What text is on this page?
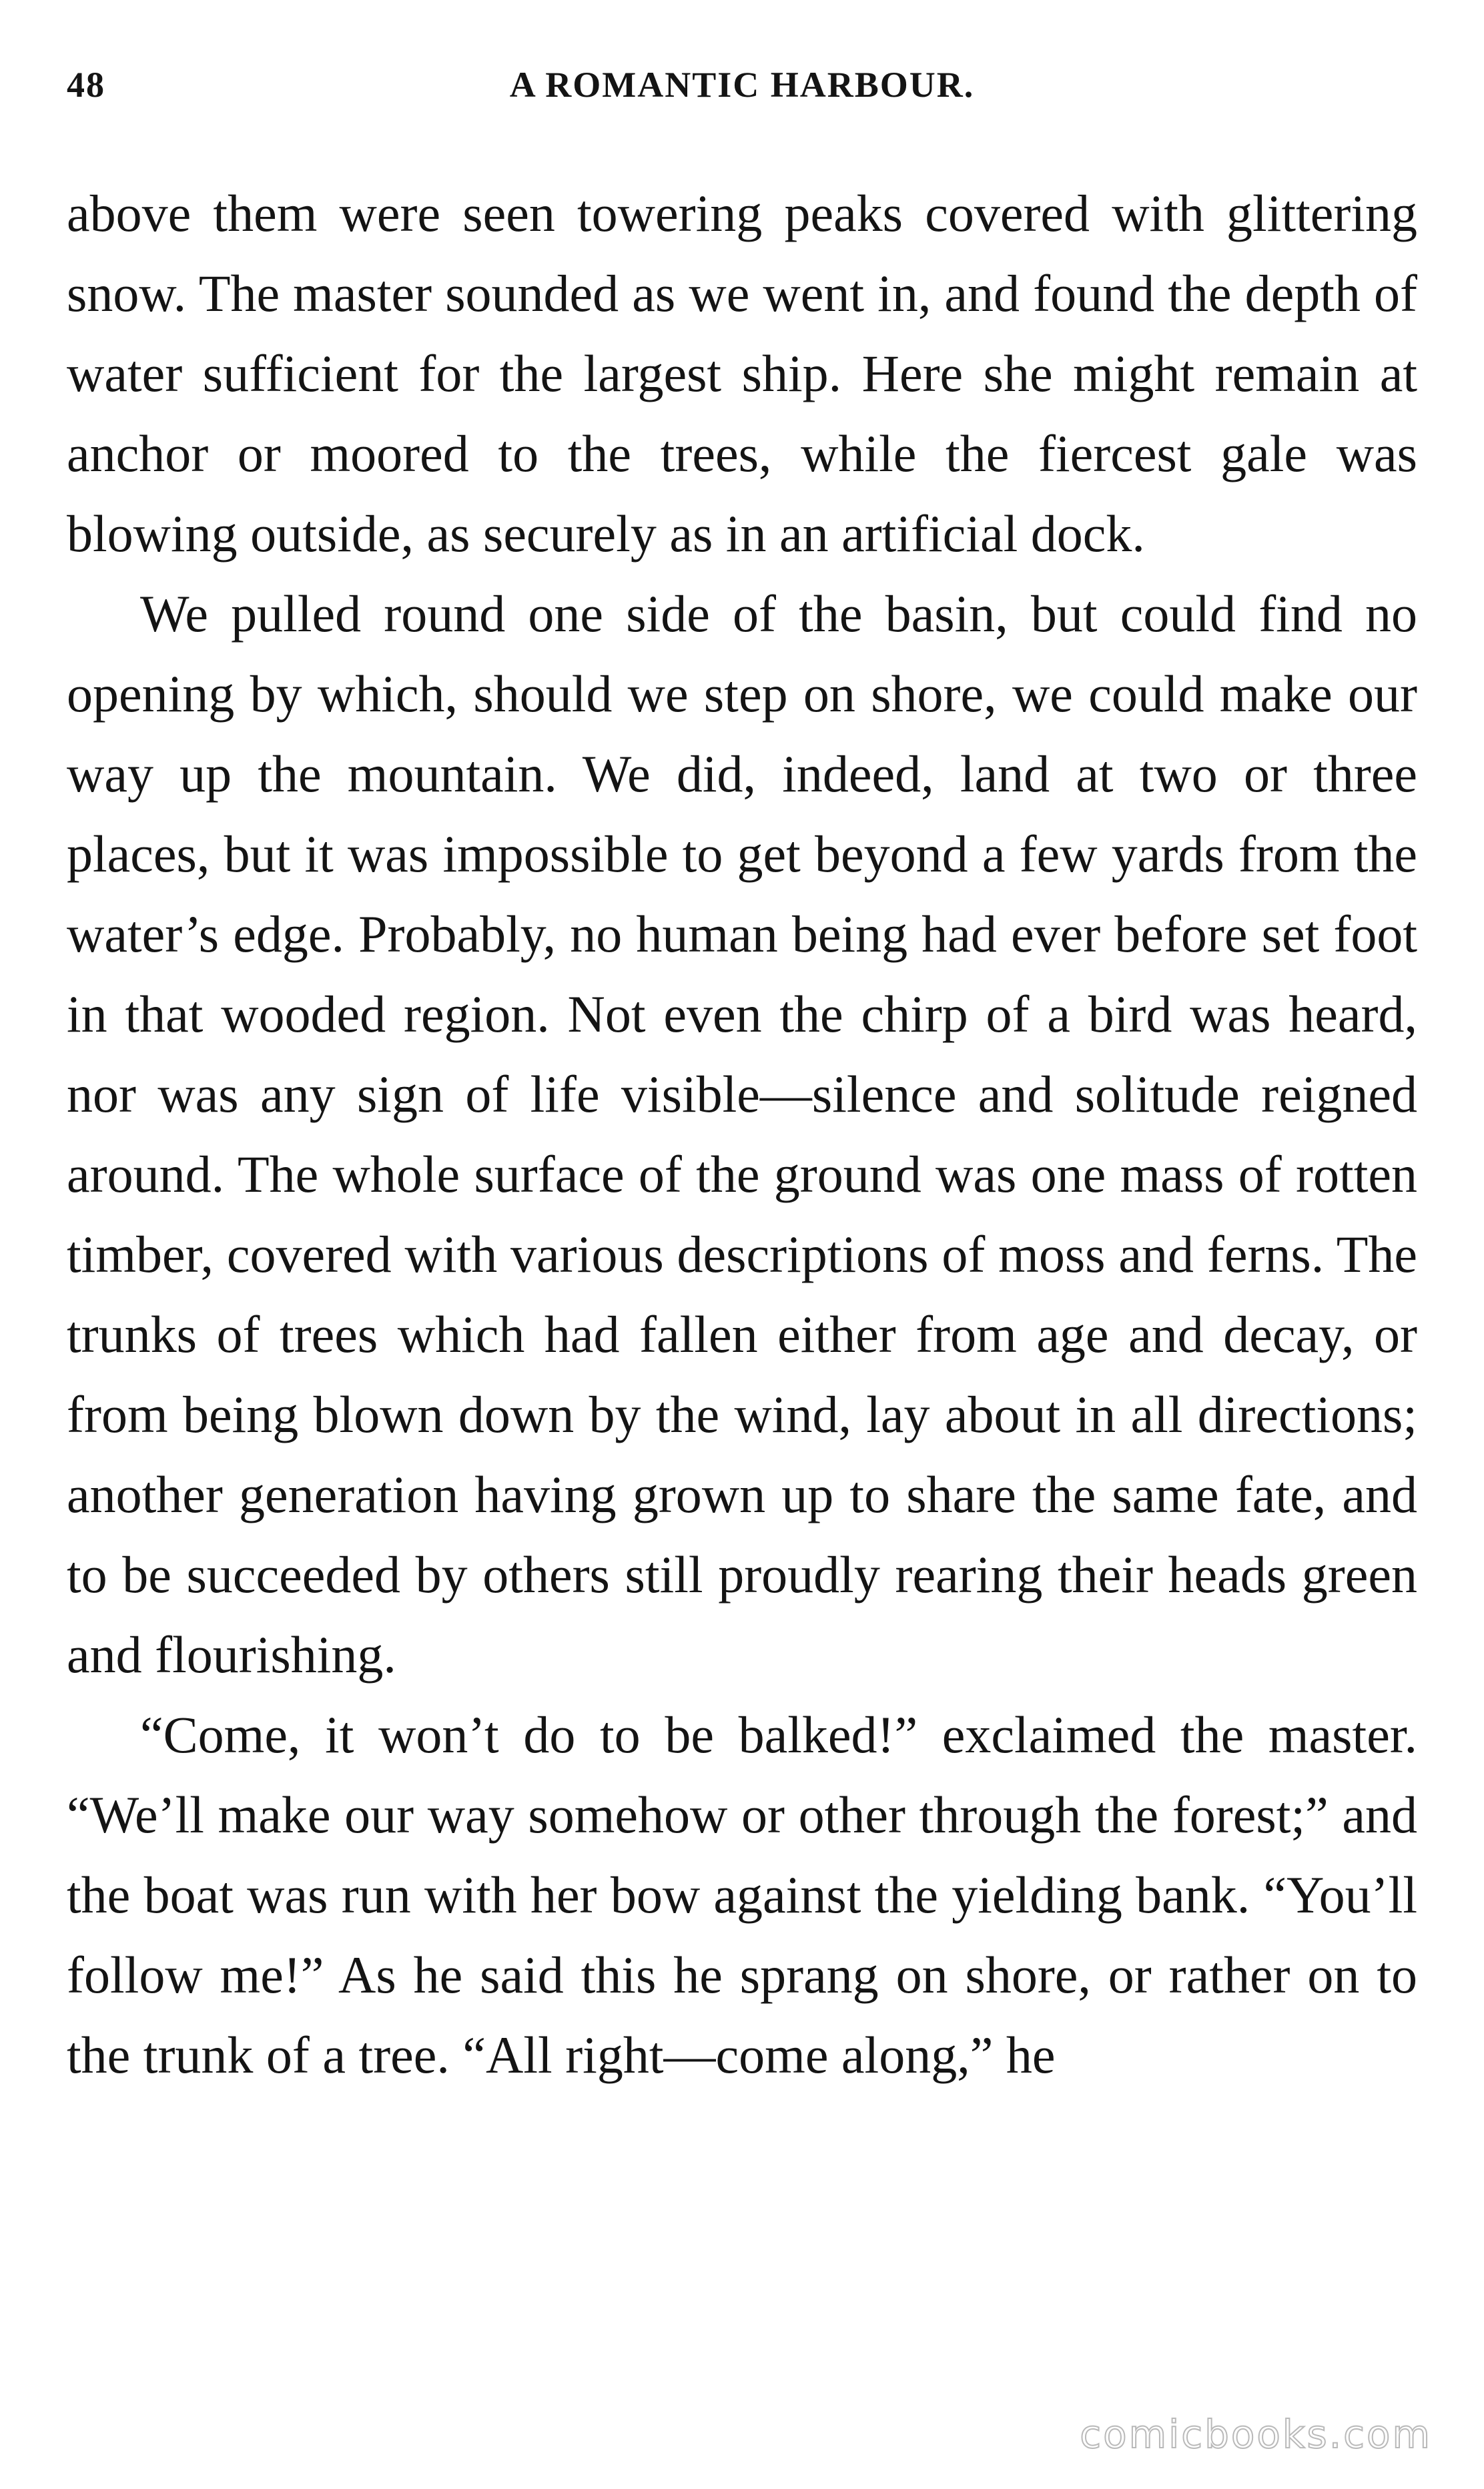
48	A ROMANTIC HARBOUR.

above them were seen towering peaks covered with glittering snow. The master sounded as we went in, and found the depth of water sufficient for the largest ship. Here she might remain at anchor or moored to the trees, while the fiercest gale was blowing outside, as securely as in an artificial dock.

We pulled round one side of the basin, but could find no opening by which, should we step on shore, we could make our way up the mountain. We did, indeed, land at two or three places, but it was impossible to get beyond a few yards from the water’s edge. Probably, no human being had ever before set foot in that wooded region. Not even the chirp of a bird was heard, nor was any sign of life visible—silence and solitude reigned around. The whole surface of the ground was one mass of rotten timber, covered with various descriptions of moss and ferns. The trunks of trees which had fallen either from age and decay, or from being blown down by the wind, lay about in all directions; another generation having grown up to share the same fate, and to be succeeded by others still proudly rearing their heads green and flourishing.

“Come, it won’t do to be balked!” exclaimed the master. “We’ll make our way somehow or other through the forest;” and the boat was run with her bow against the yielding bank. “You’ll follow me!” As he said this he sprang on shore, or rather on to the trunk of a tree. “All right—come along,” he

comicbooks.com
